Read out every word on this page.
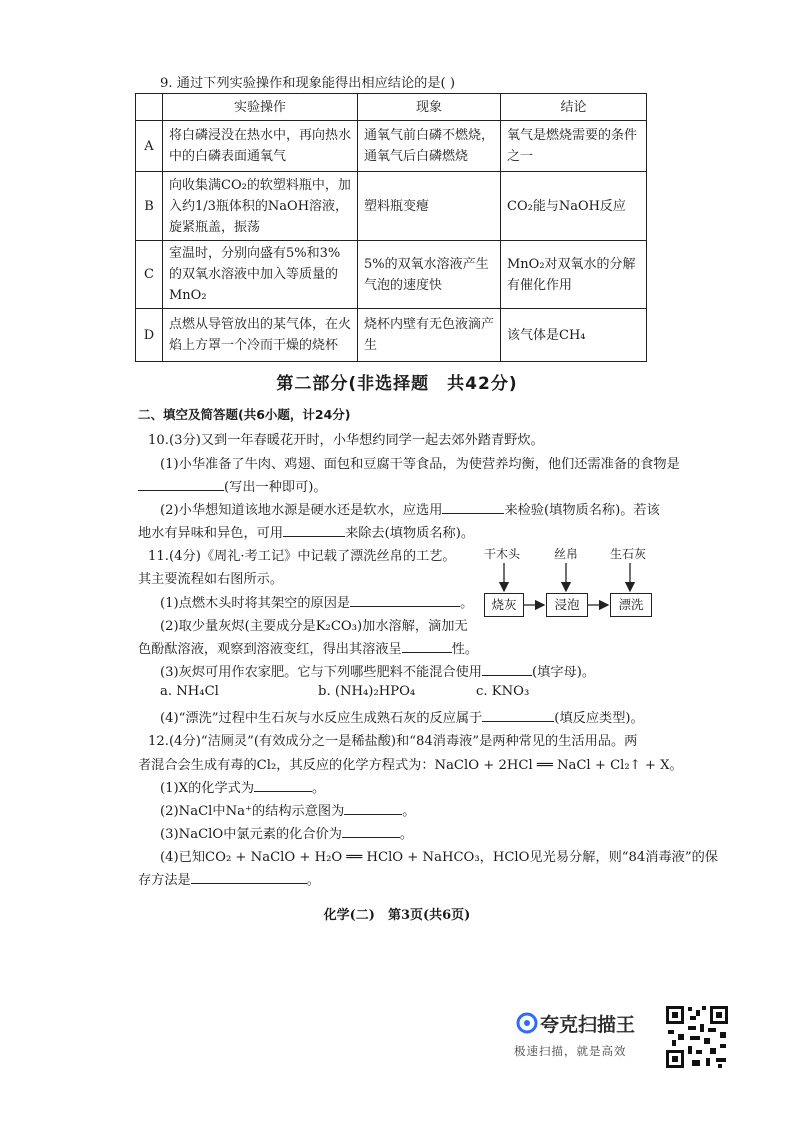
9. 通过下列实验操作和现象能得出相应结论的是( )
	实验操作	现象	结论
A	将白磷浸没在热水中，再向热水中的白磷表面通氧气	通氧气前白磷不燃烧，通氧气后白磷燃烧	氧气是燃烧需要的条件之一
B	向收集满CO₂的软塑料瓶中，加入约1/3瓶体积的NaOH溶液，旋紧瓶盖，振荡	塑料瓶变瘪	CO₂能与NaOH反应
C	室温时，分别向盛有5%和3%的双氧水溶液中加入等质量的MnO₂	5%的双氧水溶液产生气泡的速度快	MnO₂对双氧水的分解有催化作用
D	点燃从导管放出的某气体，在火焰上方罩一个冷而干燥的烧杯	烧杯内壁有无色液滴产生	该气体是CH₄
第二部分(非选择题　共42分)
二、填空及简答题(共6小题，计24分)
10.(3分)又到一年春暖花开时，小华想约同学一起去郊外踏青野炊。
(1)小华准备了牛肉、鸡翅、面包和豆腐干等食品，为使营养均衡，他们还需准备的食物是
(写出一种即可)。
(2)小华想知道该地水源是硬水还是软水，应选用	来检验(填物质名称)。若该
地水有异味和异色，可用	来除去(填物质名称)。
11.(4分)《周礼·考工记》中记载了漂洗丝帛的工艺。
其主要流程如右图所示。
(1)点燃木头时将其架空的原因是	。
(2)取少量灰烬(主要成分是K₂CO₃)加水溶解，滴加无
色酚酞溶液，观察到溶液变红，得出其溶液呈	性。
(3)灰烬可用作农家肥。它与下列哪些肥料不能混合使用	(填字母)。
a. NH₄Cl	b. (NH₄)₂HPO₄	c. KNO₃
(4)“漂洗”过程中生石灰与水反应生成熟石灰的反应属于	(填反应类型)。
干木头	丝帛	生石灰
烧灰	浸泡	漂洗
12.(4分)“洁厕灵”(有效成分之一是稀盐酸)和“84消毒液”是两种常见的生活用品。两
者混合会生成有毒的Cl₂，其反应的化学方程式为：NaClO + 2HCl ══ NaCl + Cl₂↑ + X。
(1)X的化学式为	。
(2)NaCl中Na⁺的结构示意图为	。
(3)NaClO中氯元素的化合价为	。
(4)已知CO₂ + NaClO + H₂O ══ HClO + NaHCO₃，HClO见光易分解，则“84消毒液”的保
存方法是	。
化学(二)　第3页(共6页)
夸克扫描王
极速扫描，就是高效
